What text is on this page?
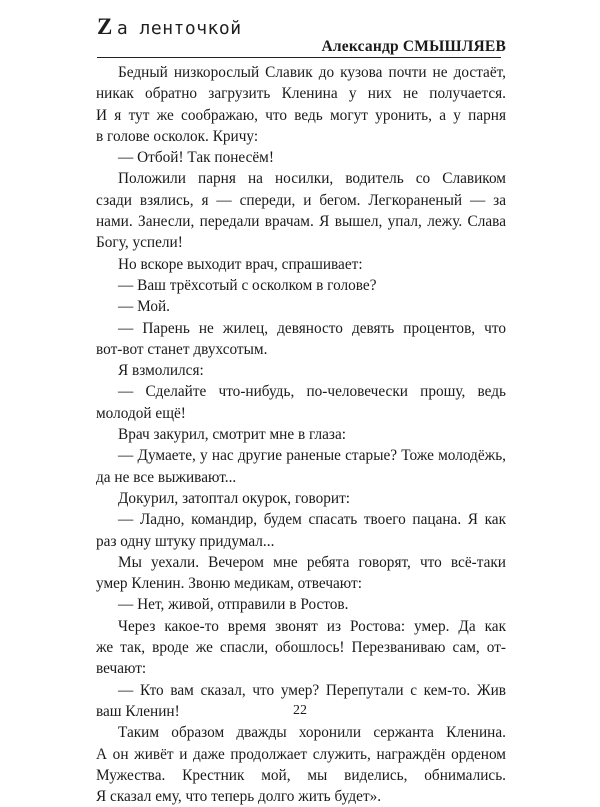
Z а ленточкой
Александр СМЫШЛЯЕВ
Бедный низкорослый Славик до кузова почти не достаёт,
никак обратно загрузить Кленина у них не получается.
И я тут же соображаю, что ведь могут уронить, а у парня
в голове осколок. Кричу:
— Отбой! Так понесём!
Положили парня на носилки, водитель со Славиком
сзади взялись, я — спереди, и бегом. Легкораненый — за
нами. Занесли, передали врачам. Я вышел, упал, лежу. Слава
Богу, успели!
Но вскоре выходит врач, спрашивает:
— Ваш трёхсотый с осколком в голове?
— Мой.
— Парень не жилец, девяносто девять процентов, что
вот-вот станет двухсотым.
Я взмолился:
— Сделайте что-нибудь, по-человечески прошу, ведь
молодой ещё!
Врач закурил, смотрит мне в глаза:
— Думаете, у нас другие раненые старые? Тоже молодёжь,
да не все выживают...
Докурил, затоптал окурок, говорит:
— Ладно, командир, будем спасать твоего пацана. Я как
раз одну штуку придумал...
Мы уехали. Вечером мне ребята говорят, что всё-таки
умер Кленин. Звоню медикам, отвечают:
— Нет, живой, отправили в Ростов.
Через какое-то время звонят из Ростова: умер. Да как
же так, вроде же спасли, обошлось! Перезваниваю сам, от-
вечают:
— Кто вам сказал, что умер? Перепутали с кем-то. Жив
ваш Кленин!
Таким образом дважды хоронили сержанта Кленина.
А он живёт и даже продолжает служить, награждён орденом
Мужества. Крестник мой, мы виделись, обнимались.
Я сказал ему, что теперь долго жить будет».
22
